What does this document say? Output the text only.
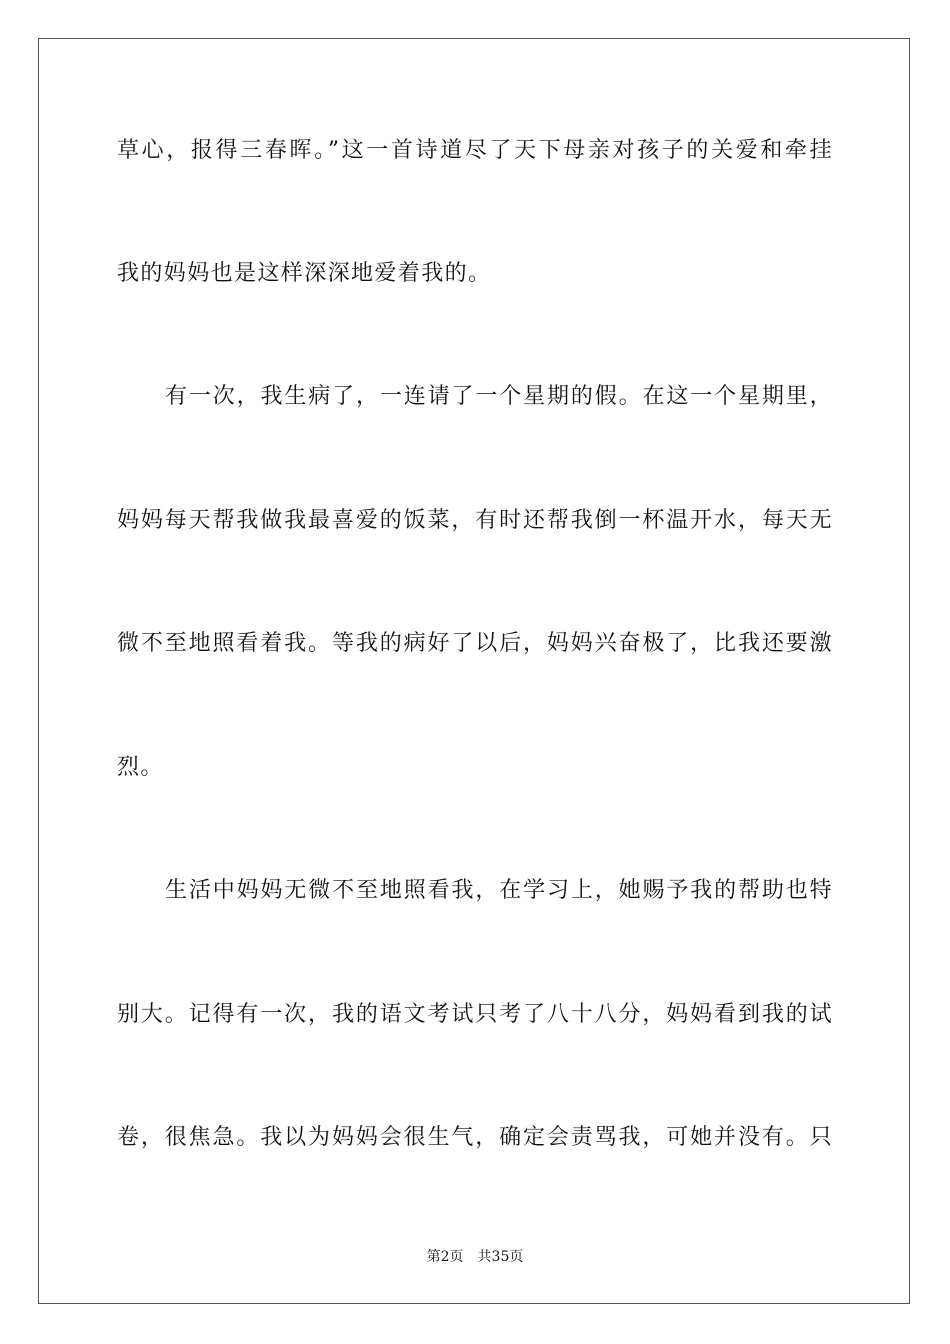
草心，报得三春晖。”这一首诗道尽了天下母亲对孩子的关爱和牵挂
我的妈妈也是这样深深地爱着我的。
有一次，我生病了，一连请了一个星期的假。在这一个星期里，
妈妈每天帮我做我最喜爱的饭菜，有时还帮我倒一杯温开水，每天无
微不至地照看着我。等我的病好了以后，妈妈兴奋极了，比我还要激
烈。
生活中妈妈无微不至地照看我，在学习上，她赐予我的帮助也特
别大。记得有一次，我的语文考试只考了八十八分，妈妈看到我的试
卷，很焦急。我以为妈妈会很生气，确定会责骂我，可她并没有。只
第2页 共35页
